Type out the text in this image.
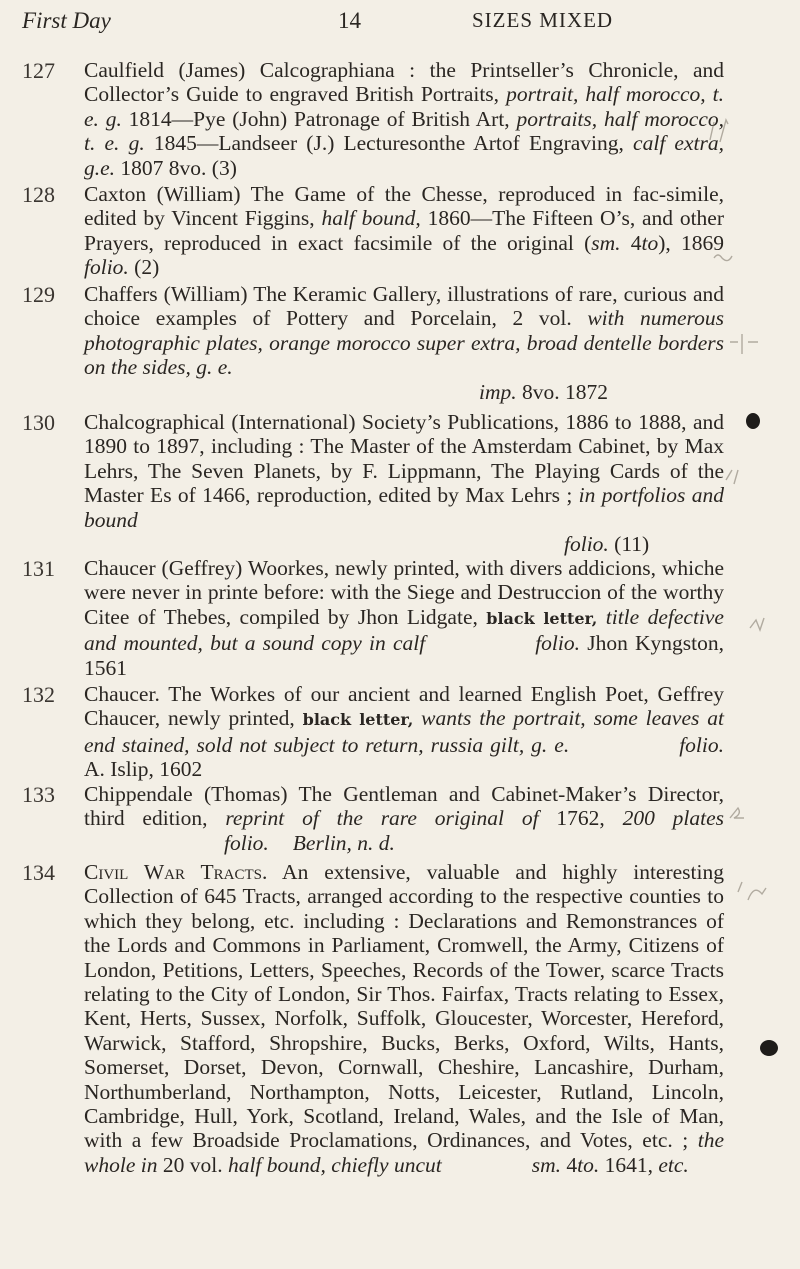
First Day	14	SIZES MIXED
127 Caulfield (James) Calcographiana : the Printseller’s Chronicle, and Collector’s Guide to engraved British Portraits, portrait, half morocco, t. e. g. 1814—Pye (John) Patronage of British Art, portraits, half morocco, t. e. g. 1845—Landseer (J.) Lecturesonthe Artof Engraving, calf extra, g.e. 1807 8vo. (3)
128 Caxton (William) The Game of the Chesse, reproduced in fac-simile, edited by Vincent Figgins, half bound, 1860—The Fifteen O’s, and other Prayers, reproduced in exact facsimile of the original (sm. 4to), 1869 folio. (2)
129 Chaffers (William) The Keramic Gallery, illustrations of rare, curious and choice examples of Pottery and Porcelain, 2 vol. with numerous photographic plates, orange morocco super extra, broad dentelle borders on the sides, g. e.
imp. 8vo. 1872
130 Chalcographical (International) Society’s Publications, 1886 to 1888, and 1890 to 1897, including : The Master of the Amsterdam Cabinet, by Max Lehrs, The Seven Planets, by F. Lippmann, The Playing Cards of the Master Es of 1466, reproduction, edited by Max Lehrs ; in portfolios and bound
folio. (11)
131 Chaucer (Geffrey) Woorkes, newly printed, with divers addicions, whiche were never in printe before: with the Siege and Destruccion of the worthy Citee of Thebes, compiled by Jhon Lidgate, black letter, title defective and mounted, but a sound copy in calf	folio. Jhon Kyngston, 1561
132 Chaucer. The Workes of our ancient and learned English Poet, Geffrey Chaucer, newly printed, black letter, wants the portrait, some leaves at end stained, sold not subject to return, russia gilt, g. e.	folio. A. Islip, 1602
133 Chippendale (Thomas) The Gentleman and Cabinet-Maker’s Director, third edition, reprint of the rare original of 1762, 200 platesfolio. Berlin, n. d.
134 Civil War Tracts. An extensive, valuable and highly interesting Collection of 645 Tracts, arranged according to the respective counties to which they belong, etc. including : Declarations and Remonstrances of the Lords and Commons in Parliament, Cromwell, the Army, Citizens of London, Petitions, Letters, Speeches, Records of the Tower, scarce Tracts relating to the City of London, Sir Thos. Fairfax, Tracts relating to Essex, Kent, Herts, Sussex, Norfolk, Suffolk, Gloucester, Worcester, Hereford, Warwick, Stafford, Shropshire, Bucks, Berks, Oxford, Wilts, Hants, Somerset, Dorset, Devon, Cornwall, Cheshire, Lancashire, Durham, Northumberland, Northampton, Notts, Leicester, Rutland, Lincoln, Cambridge, Hull, York, Scotland, Ireland, Wales, and the Isle of Man, with a few Broadside Proclamations, Ordinances, and Votes, etc. ; the whole in 20 vol. half bound, chiefly uncut	sm. 4to. 1641, etc.
